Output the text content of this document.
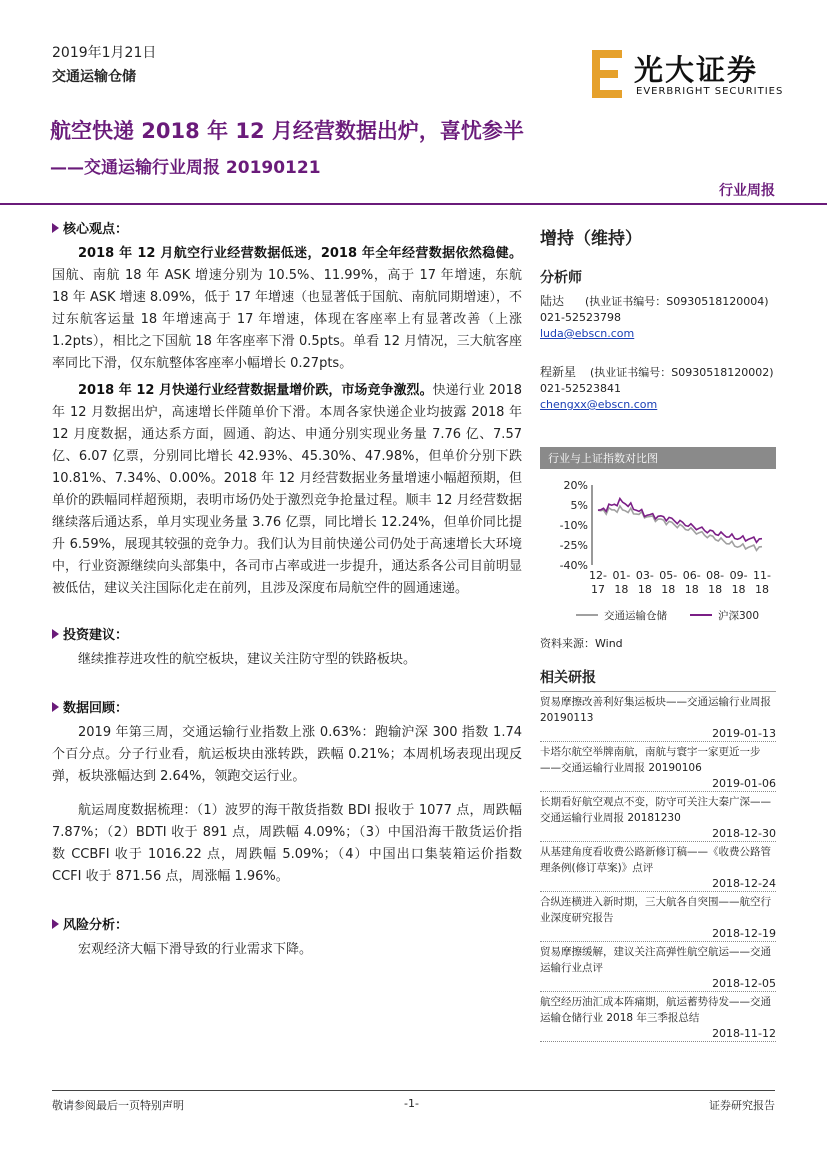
2019年1月21日
交通运输仓储	光大证券
EVERBRIGHT SECURITIES
航空快递 2018 年 12 月经营数据出炉，喜忧参半
——交通运输行业周报 20190121
行业周报
核心观点：

2018 年 12 月航空行业经营数据低迷，2018 年全年经营数据依然稳健。国航、南航 18 年 ASK 增速分别为 10.5%、11.99%，高于 17 年增速，东航 18 年 ASK 增速 8.09%，低于 17 年增速（也显著低于国航、南航同期增速），不过东航客运量 18 年增速高于 17 年增速，体现在客座率上有显著改善（上涨 1.2pts），相比之下国航 18 年客座率下滑 0.5pts。单看 12 月情况，三大航客座率同比下滑，仅东航整体客座率小幅增长 0.27pts。

2018 年 12 月快递行业经营数据量增价跌，市场竞争激烈。快递行业 2018 年 12 月数据出炉，高速增长伴随单价下滑。本周各家快递企业均披露 2018 年 12 月度数据，通达系方面，圆通、韵达、申通分别实现业务量 7.76 亿、7.57 亿、6.07 亿票，分别同比增长 42.93%、45.30%、47.98%，但单价分别下跌 10.81%、7.34%、0.00%。2018 年 12 月经营数据业务量增速小幅超预期，但单价的跌幅同样超预期，表明市场仍处于激烈竞争抢量过程。顺丰 12 月经营数据继续落后通达系，单月实现业务量 3.76 亿票，同比增长 12.24%，但单价同比提升 6.59%，展现其较强的竞争力。我们认为目前快递公司仍处于高速增长大环境中，行业资源继续向头部集中，各司市占率或进一步提升，通达系各公司目前明显被低估，建议关注国际化走在前列，且涉及深度布局航空件的圆通速递。

投资建议：

继续推荐进攻性的航空板块，建议关注防守型的铁路板块。

数据回顾：

2019 年第三周，交通运输行业指数上涨 0.63%：跑输沪深 300 指数 1.74 个百分点。分子行业看，航运板块由涨转跌，跌幅 0.21%；本周机场表现出现反弹，板块涨幅达到 2.64%，领跑交运行业。

航运周度数据梳理：（1）波罗的海干散货指数 BDI 报收于 1077 点，周跌幅 7.87%；（2）BDTI 收于 891 点，周跌幅 4.09%；（3）中国沿海干散货运价指数 CCBFI 收于 1016.22 点，周跌幅 5.09%；（4）中国出口集装箱运价指数 CCFI 收于 871.56 点，周涨幅 1.96%。

风险分析：

宏观经济大幅下滑导致的行业需求下降。

增持（维持）
分析师
陆达 (执业证书编号：S0930518120004)
021-52523798
luda@ebscn.com
程新星 (执业证书编号：S0930518120002)
021-52523841
chengxx@ebscn.com
行业与上证指数对比图
20%
5%
-10%
-25%
-40%
12-
17
01-
18
03-
18
05-
18
06-
18
08-
18
09-
18
11-
18
交通运输仓储	沪深300
资料来源：Wind
相关研报
贸易摩擦改善利好集运板块——交通运输行业周报 20190113
2019-01-13
卡塔尔航空举牌南航，南航与寰宇一家更近一步——交通运输行业周报 20190106
2019-01-06
长期看好航空观点不变，防守可关注大秦广深——交通运输行业周报 20181230
2018-12-30
从基建角度看收费公路新修订稿——《收费公路管理条例(修订草案)》点评
2018-12-24
合纵连横进入新时期，三大航各自突围——航空行业深度研究报告
2018-12-19
贸易摩擦缓解，建议关注高弹性航空航运——交通运输行业点评
2018-12-05
航空经历油汇成本阵痛期，航运蓄势待发——交通运输仓储行业 2018 年三季报总结
2018-11-12
敬请参阅最后一页特别声明	-1-	证券研究报告
